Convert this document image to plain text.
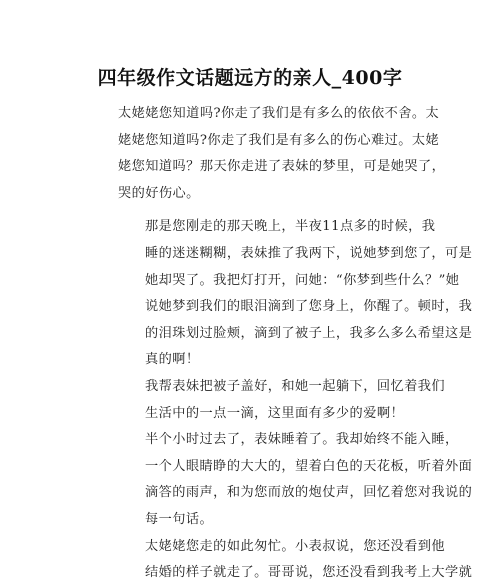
四年级作文话题远方的亲人_400字

太姥姥您知道吗?你走了我们是有多么的依依不舍。太
姥姥您知道吗?你走了我们是有多么的伤心难过。太姥
姥您知道吗？那天你走进了表妹的梦里，可是她哭了，
哭的好伤心。

那是您刚走的那天晚上，半夜11点多的时候，我
睡的迷迷糊糊，表妹推了我两下，说她梦到您了，可是
她却哭了。我把灯打开，问她：“你梦到些什么？”她
说她梦到我们的眼泪滴到了您身上，你醒了。顿时，我
的泪珠划过脸颊，滴到了被子上，我多么多么希望这是
真的啊！

我帮表妹把被子盖好，和她一起躺下，回忆着我们
生活中的一点一滴，这里面有多少的爱啊！

半个小时过去了，表妹睡着了。我却始终不能入睡，
一个人眼睛睁的大大的，望着白色的天花板，听着外面
滴答的雨声，和为您而放的炮仗声，回忆着您对我说的
每一句话。

太姥姥您走的如此匆忙。小表叔说，您还没看到他
结婚的样子就走了。哥哥说，您还没看到我考上大学就
